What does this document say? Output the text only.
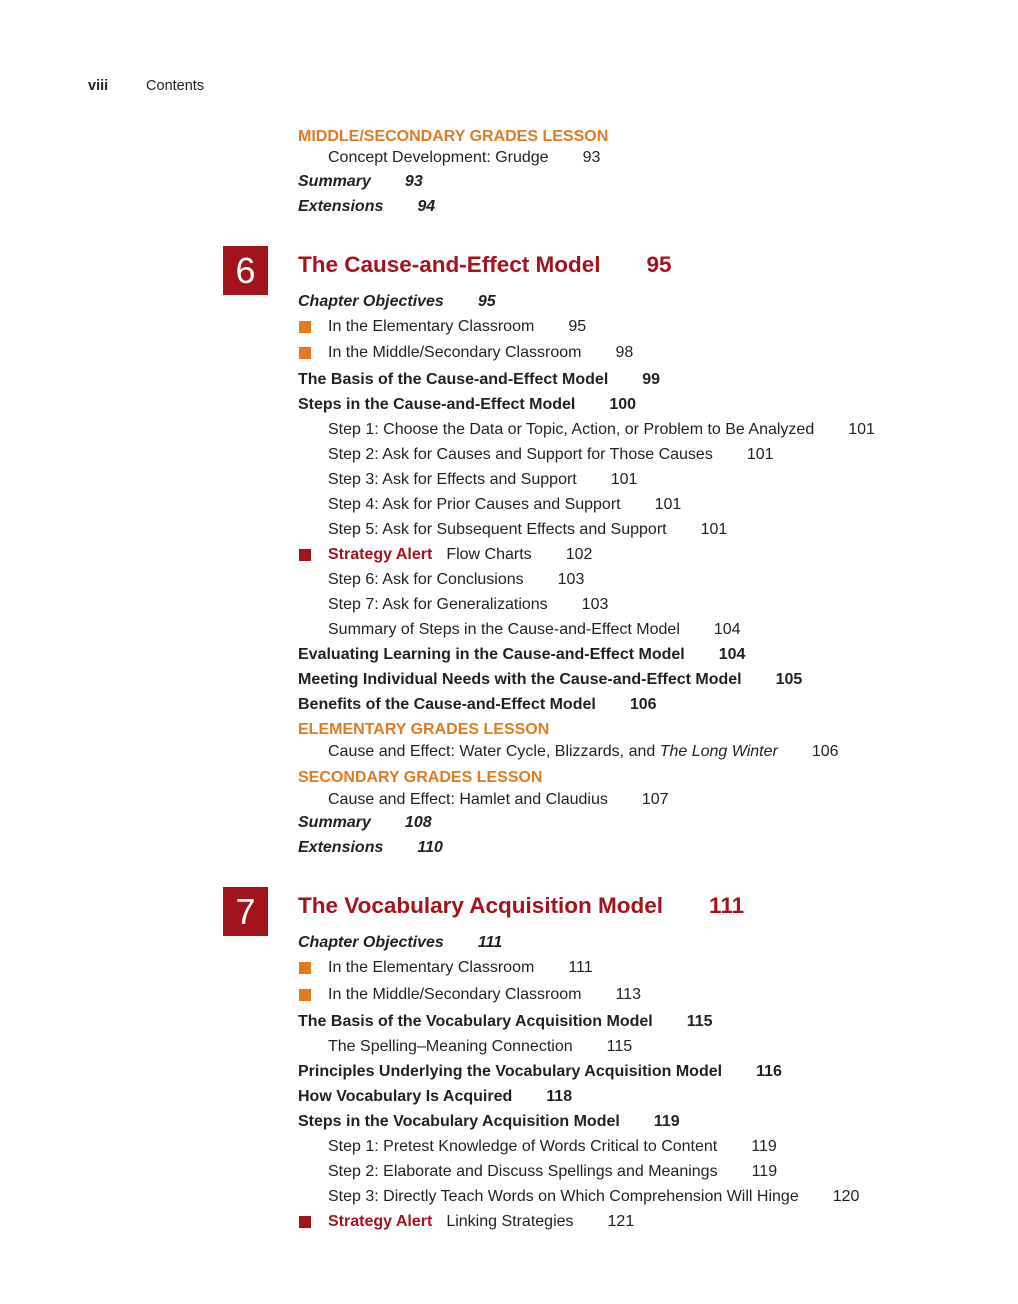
viii	Contents
MIDDLE/SECONDARY GRADES LESSON
Concept Development: Grudge 93
Summary 93
Extensions 94
6	The Cause-and-Effect Model 95
Chapter Objectives 95
In the Elementary Classroom 95
In the Middle/Secondary Classroom 98
The Basis of the Cause-and-Effect Model 99
Steps in the Cause-and-Effect Model 100
Step 1: Choose the Data or Topic, Action, or Problem to Be Analyzed 101
Step 2: Ask for Causes and Support for Those Causes 101
Step 3: Ask for Effects and Support 101
Step 4: Ask for Prior Causes and Support 101
Step 5: Ask for Subsequent Effects and Support 101
Strategy Alert Flow Charts 102
Step 6: Ask for Conclusions 103
Step 7: Ask for Generalizations 103
Summary of Steps in the Cause-and-Effect Model 104
Evaluating Learning in the Cause-and-Effect Model 104
Meeting Individual Needs with the Cause-and-Effect Model 105
Benefits of the Cause-and-Effect Model 106
ELEMENTARY GRADES LESSON
Cause and Effect: Water Cycle, Blizzards, and The Long Winter 106
SECONDARY GRADES LESSON
Cause and Effect: Hamlet and Claudius 107
Summary 108
Extensions 110
7	The Vocabulary Acquisition Model 111
Chapter Objectives 111
In the Elementary Classroom 111
In the Middle/Secondary Classroom 113
The Basis of the Vocabulary Acquisition Model 115
The Spelling–Meaning Connection 115
Principles Underlying the Vocabulary Acquisition Model 116
How Vocabulary Is Acquired 118
Steps in the Vocabulary Acquisition Model 119
Step 1: Pretest Knowledge of Words Critical to Content 119
Step 2: Elaborate and Discuss Spellings and Meanings 119
Step 3: Directly Teach Words on Which Comprehension Will Hinge 120
Strategy Alert Linking Strategies 121
